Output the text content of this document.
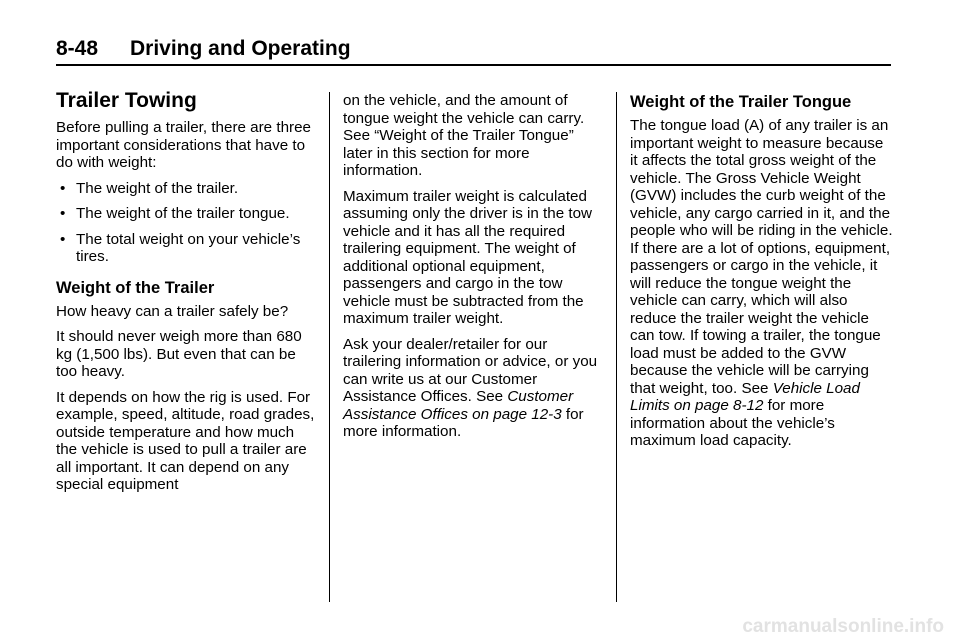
8-48 Driving and Operating
Trailer Towing

Before pulling a trailer, there are three important considerations that have to do with weight:

• The weight of the trailer.
• The weight of the trailer tongue.
• The total weight on your vehicle’s tires.
Weight of the Trailer

How heavy can a trailer safely be?

It should never weigh more than 680 kg (1,500 lbs). But even that can be too heavy.

It depends on how the rig is used. For example, speed, altitude, road grades, outside temperature and how much the vehicle is used to pull a trailer are all important. It can depend on any special equipment

on the vehicle, and the amount of tongue weight the vehicle can carry. See “Weight of the Trailer Tongue” later in this section for more information.

Maximum trailer weight is calculated assuming only the driver is in the tow vehicle and it has all the required trailering equipment. The weight of additional optional equipment, passengers and cargo in the tow vehicle must be subtracted from the maximum trailer weight.

Ask your dealer/retailer for our trailering information or advice, or you can write us at our Customer Assistance Offices. See Customer Assistance Offices on page 12-3 for more information.

Weight of the Trailer Tongue

The tongue load (A) of any trailer is an important weight to measure because it affects the total gross weight of the vehicle. The Gross Vehicle Weight (GVW) includes the curb weight of the vehicle, any cargo carried in it, and the people who will be riding in the vehicle. If there are a lot of options, equipment, passengers or cargo in the vehicle, it will reduce the tongue weight the vehicle can carry, which will also reduce the trailer weight the vehicle can tow. If towing a trailer, the tongue load must be added to the GVW because the vehicle will be carrying that weight, too. See Vehicle Load Limits on page 8-12 for more information about the vehicle’s maximum load capacity.

carmanualsonline.info
